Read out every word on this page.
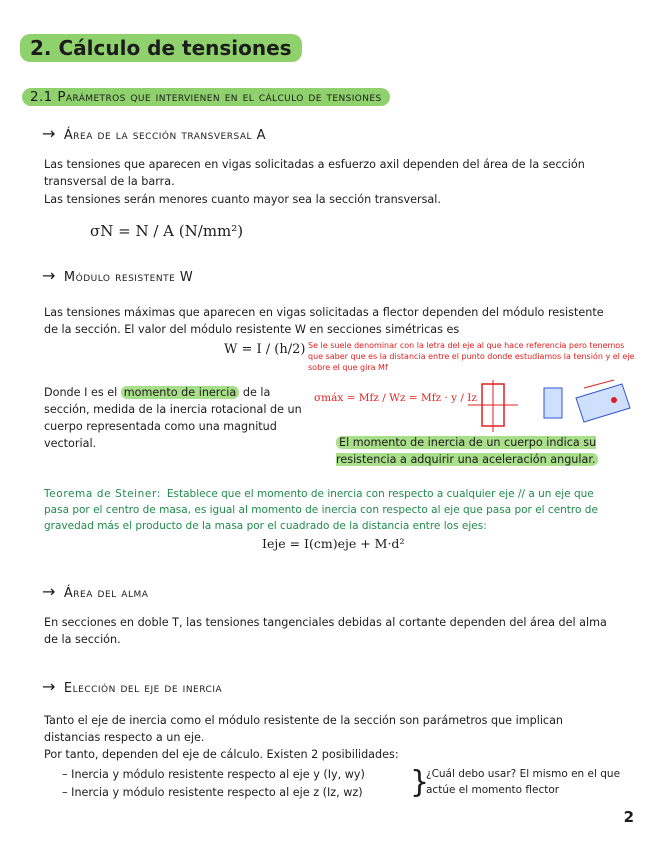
2. Cálculo de tensiones
2.1 Parámetros que intervienen en el cálculo de tensiones
→ Área de la sección transversal A
Las tensiones que aparecen en vigas solicitadas a esfuerzo axil dependen del área de la sección transversal de la barra.
Las tensiones serán menores cuanto mayor sea la sección transversal.
σN = N / A (N/mm²)
→ Módulo resistente W
Las tensiones máximas que aparecen en vigas solicitadas a flector dependen del módulo resistente de la sección. El valor del módulo resistente W en secciones simétricas es
W = I / (h/2) Se le suele denominar con la letra del eje al que hace referencia pero tenemos que saber que es la distancia entre el punto donde estudiamos la tensión y el eje sobre el que gira Mf
σmáx = Mfz / Wz = Mfz · y / Iz
Donde I es el momento de inercia de la sección, medida de la inercia rotacional de un cuerpo representada como una magnitud vectorial.	El momento de inercia de un cuerpo indica su resistencia a adquirir una aceleración angular.
Teorema de Steiner: Establece que el momento de inercia con respecto a cualquier eje // a un eje que pasa por el centro de masa, es igual al momento de inercia con respecto al eje que pasa por el centro de gravedad más el producto de la masa por el cuadrado de la distancia entre los ejes:
Ieje = I(cm)eje + M·d²
→ Área del alma
En secciones en doble T, las tensiones tangenciales debidas al cortante dependen del área del alma de la sección.
→ Elección del eje de inercia
Tanto el eje de inercia como el módulo resistente de la sección son parámetros que implican distancias respecto a un eje.
Por tanto, dependen del eje de cálculo. Existen 2 posibilidades:
– Inercia y módulo resistente respecto al eje y (Iy, wy)
– Inercia y módulo resistente respecto al eje z (Iz, wz)	}
¿Cuál debo usar? El mismo en el que actúe el momento flector
2
